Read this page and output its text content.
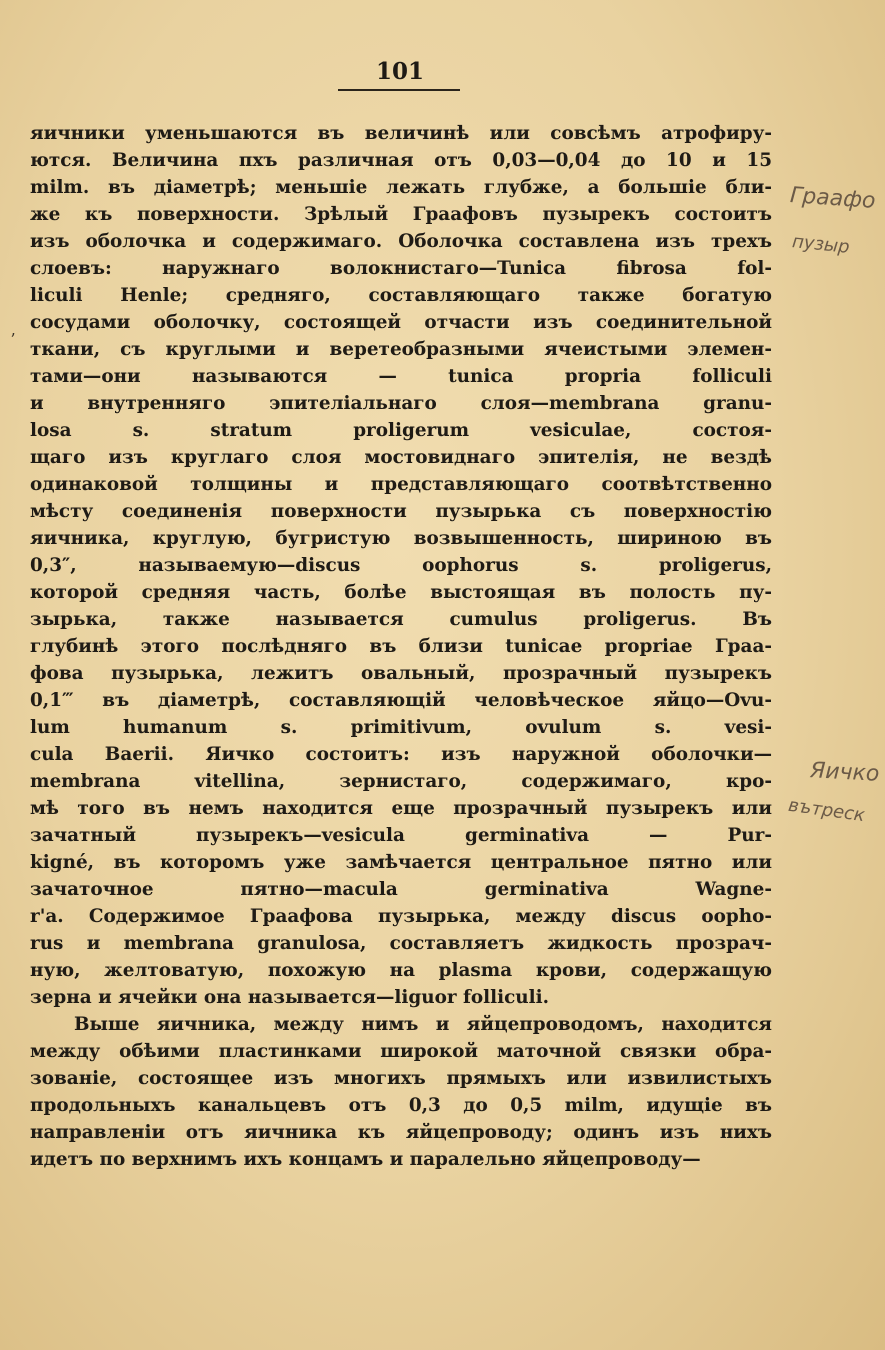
101
яичники уменьшаются въ величинѣ или совсѣмъ атрофиру-
ются. Величина пхъ различная отъ 0,03—0,04 до 10 и 15
milm. въ діаметрѣ; меньшіе лежать глубже, а большіе бли-
же къ поверхности. Зрѣлый Граафовъ пузырекъ состоитъ
изъ оболочка и содержимаго. Оболочка составлена изъ трехъ
слоевъ: наружнаго волокнистаго—Tunica fibrosa fol-
liculi Henle; средняго, составляющаго также богатую
сосудами оболочку, состоящей отчасти изъ соединительной
ткани, съ круглыми и веретеобразными ячеистыми элемен-
тами—они называются — tunica propria folliculi
и внутренняго эпителіальнаго слоя—membrana granu-
losa s. stratum proligerum vesiculae, состоя-
щаго изъ круглаго слоя мостовиднаго эпителія, не вездѣ
одинаковой толщины и представляющаго соотвѣтственно
мѣсту соединенія поверхности пузырька съ поверхностію
яичника, круглую, бугристую возвышенность, шириною въ
0,3″, называемую—discus oophorus s. proligerus,
которой средняя часть, болѣе выстоящая въ полость пу-
зырька, также называется cumulus proligerus. Въ
глубинѣ этого послѣдняго въ близи tunicae propriae Граа-
фова пузырька, лежитъ овальный, прозрачный пузырекъ
0,1‴ въ діаметрѣ, составляющій человѣческое яйцо—Ovu-
lum humanum s. primitivum, ovulum s. vesi-
cula Baerii. Яичко состоитъ: изъ наружной оболочки—
membrana vitellina, зернистаго, содержимаго, кро-
мѣ того въ немъ находится еще прозрачный пузырекъ или
зачатный пузырекъ—vesicula germinativa — Pur-
kigné, въ которомъ уже замѣчается центральное пятно или
зачаточное пятно—macula germinativa Wagne-
r'a. Содержимое Граафова пузырька, между discus oopho-
rus и membrana granulosa, составляетъ жидкость прозрач-
ную, желтоватую, похожую на plasma крови, содержащую
зерна и ячейки она называется—liguor folliculi.
Выше яичника, между нимъ и яйцепроводомъ, находится
между обѣими пластинками широкой маточной связки обра-
зованіе, состоящее изъ многихъ прямыхъ или извилистыхъ
продольныхъ канальцевъ отъ 0,3 до 0,5 milm, идущіе въ
направленіи отъ яичника къ яйцепроводу; одинъ изъ нихъ
идетъ по верхнимъ ихъ концамъ и паралельно яйцепроводу—
Граафо
пузыр
Яичко
вътреск
ʼ
